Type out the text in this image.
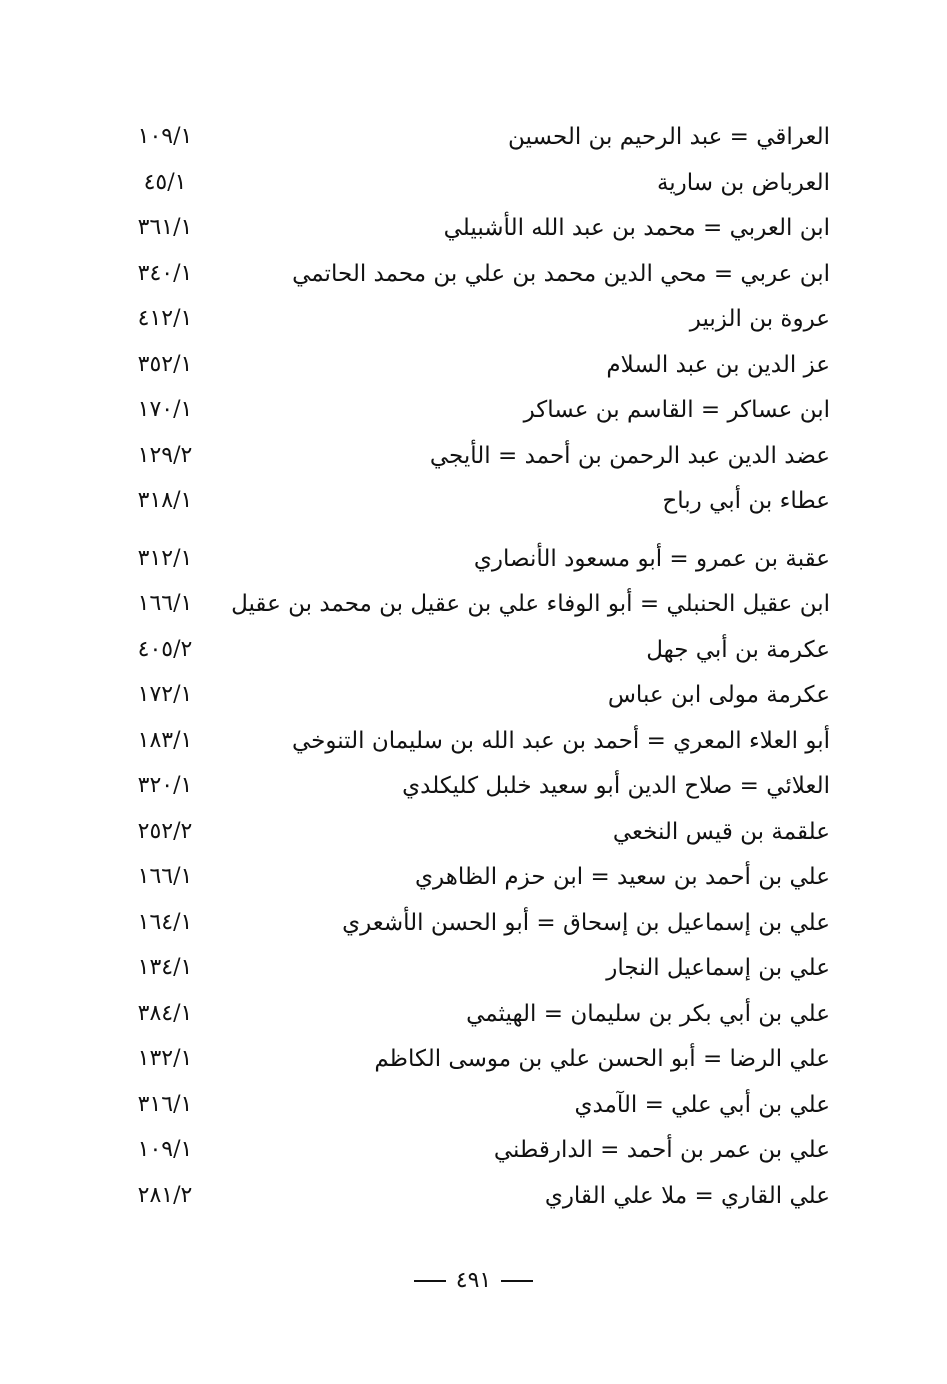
العراقي = عبد الرحيم بن الحسين
١٠٩/١
العرباض بن سارية
٤٥/١
ابن العربي = محمد بن عبد الله الأشبيلي
٣٦١/١
ابن عربي = محي الدين محمد بن علي بن محمد الحاتمي
٣٤٠/١
عروة بن الزبير
٤١٢/١
عز الدين بن عبد السلام
٣٥٢/١
ابن عساكر = القاسم بن عساكر
١٧٠/١
عضد الدين عبد الرحمن بن أحمد = الأيجي
١٢٩/٢
عطاء بن أبي رباح
٣١٨/١
عقبة بن عمرو = أبو مسعود الأنصاري
٣١٢/١
ابن عقيل الحنبلي = أبو الوفاء علي بن عقيل بن محمد بن عقيل
١٦٦/١
عكرمة بن أبي جهل
٤٠٥/٢
عكرمة مولى ابن عباس
١٧٢/١
أبو العلاء المعري = أحمد بن عبد الله بن سليمان التنوخي
١٨٣/١
العلائي = صلاح الدين أبو سعيد خلبل كليكلدي
٣٢٠/١
علقمة بن قيس النخعي
٢٥٢/٢
علي بن أحمد بن سعيد = ابن حزم الظاهري
١٦٦/١
علي بن إسماعيل بن إسحاق = أبو الحسن الأشعري
١٦٤/١
علي بن إسماعيل النجار
١٣٤/١
علي بن أبي بكر بن سليمان = الهيثمي
٣٨٤/١
علي الرضا = أبو الحسن علي بن موسى الكاظم
١٣٢/١
علي بن أبي علي = الآمدي
٣١٦/١
علي بن عمر بن أحمد = الدارقطني
١٠٩/١
علي القاري = ملا علي القاري
٢٨١/٢
٤٩١
